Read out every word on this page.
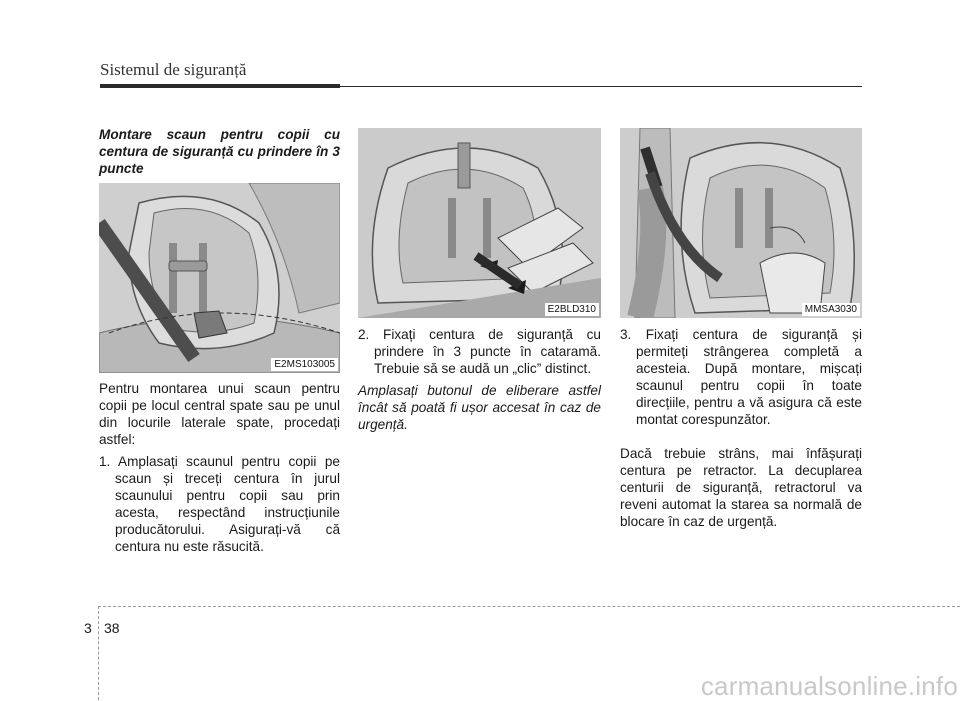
Sistemul de siguranță

Montare scaun pentru copii cu centura de siguranță cu prindere în 3 puncte

E2MS103005

Pentru montarea unui scaun pentru copii pe locul central spate sau pe unul din locurile laterale spate, procedați astfel:

1. Amplasați scaunul pentru copii pe scaun și treceți centura în jurul scaunului pentru copii sau prin acesta, respectând instrucțiunile producătorului. Asigurați-vă că centura nu este răsucită.

E2BLD310

2. Fixați centura de siguranță cu prindere în 3 puncte în cataramă. Trebuie să se audă un „clic” distinct.

Amplasați butonul de eliberare astfel încât să poată fi ușor accesat în caz de urgență.

MMSA3030

3. Fixați centura de siguranță și permiteți strângerea completă a acesteia. După montare, mișcați scaunul pentru copii în toate direcțiile, pentru a vă asigura că este montat corespunzător.

Dacă trebuie strâns, mai înfășurați centura pe retractor. La decuplarea centurii de siguranță, retractorul va reveni automat la starea sa normală de blocare în caz de urgență.

3 38
carmanualsonline.info
